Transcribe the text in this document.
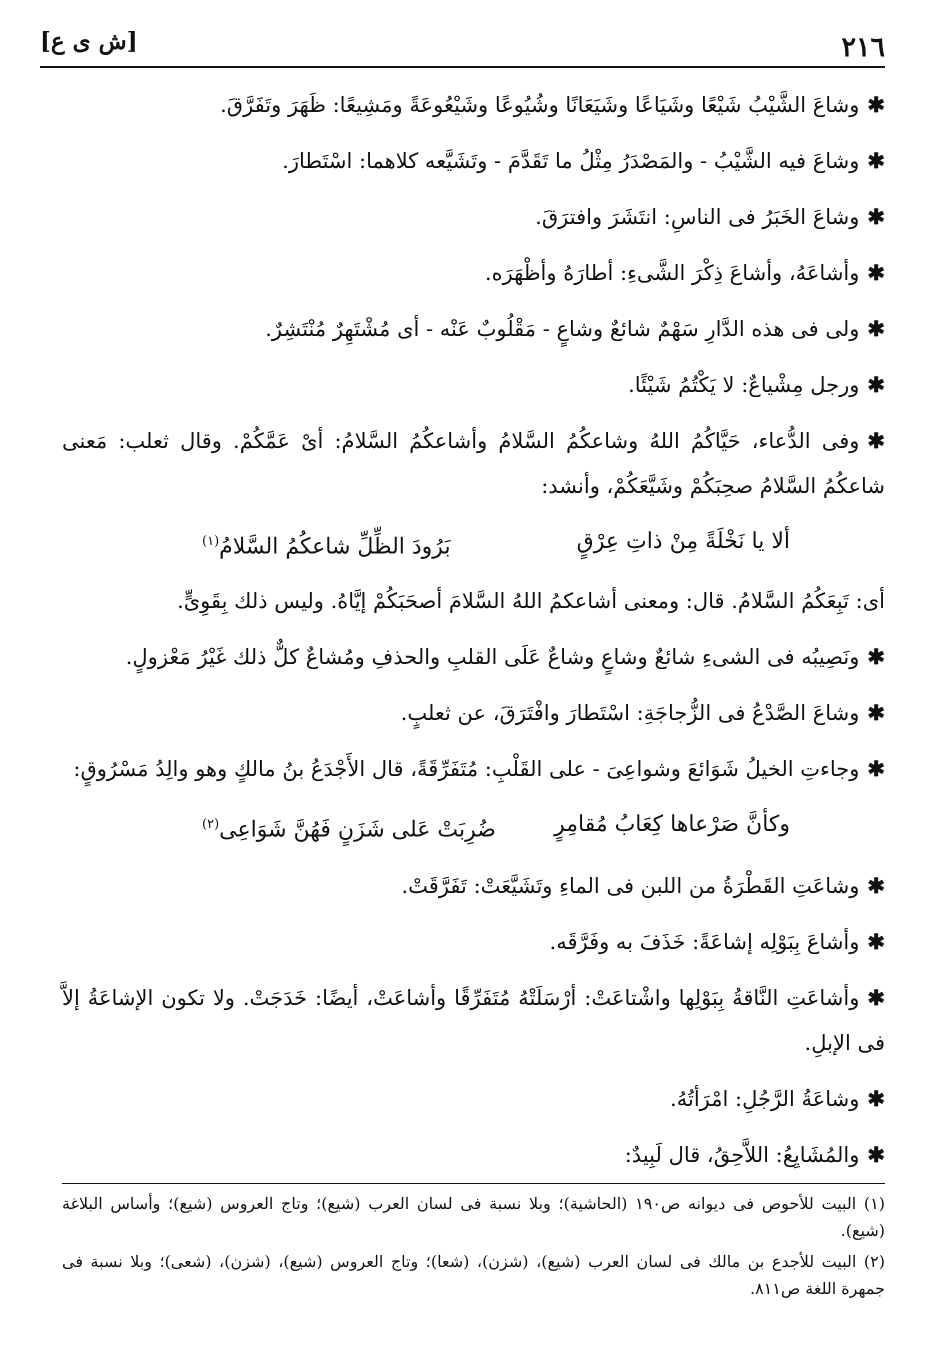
٢١٦
[ش ى ع]

✱وشاعَ الشَّيْبُ شَيْعًا وشَيَاعًا وشَيَعَانًا وشُيُوعًا وشَيْعُوعَةً ومَشِيعًا: ظَهَرَ وتَفَرَّقَ.

✱وشاعَ فيه الشَّيْبُ - والمَصْدَرُ مِثْلُ ما تَقَدَّمَ - وتَشَيَّعه كلاهما: اسْتَطارَ.

✱وشاعَ الخَبَرُ فى الناسِ: انتَشَرَ وافترَقَ.

✱وأشاعَهُ، وأشاعَ ذِكْرَ الشَّىءِ: أطارَهُ وأظْهَرَه.

✱ولى فى هذه الدَّارِ سَهْمٌ شائعٌ وشاعٍ - مَقْلُوبٌ عَنْه - أى مُشْتَهِرٌ مُنْتَشِرٌ.

✱ورجل مِشْياعٌ: لا يَكْتُمُ شَيْئًا.

✱وفى الدُّعاء، حَيَّاكُمُ اللهُ وشاعكُمُ السَّلامُ وأشاعكُمُ السَّلامُ: أىْ عَمَّكُمْ. وقال ثعلب: مَعنى شاعكُمُ السَّلامُ صحِبَكُمْ وشَيَّعَكُمْ، وأنشد:

ألا يا نَخْلَةً مِنْ ذاتِ عِرْقٍ
بَرُودَ الظِّلِّ شاعكُمُ السَّلامُ$^{(١)}$

أى: تَبِعَكُمُ السَّلامُ. قال: ومعنى أشاعكمُ اللهُ السَّلامَ أصحَبَكُمْ إيَّاهُ. وليس ذلك بِقَوِىٍّ.

✱ونَصِيبُه فى الشىءِ شائعٌ وشاعٍ وشاعٌ عَلَى القلبِ والحذفِ ومُشاعٌ كلٌّ ذلك غَيْرُ مَعْزولٍ.

✱وشاعَ الصَّدْعُ فى الزُّجاجَةِ: اسْتَطارَ وافْتَرَقَ، عن ثعلبٍ.

✱وجاءتِ الخيلُ شَوَائعَ وشواعِىَ - على القَلْبِ: مُتَفَرِّقَةً، قال الأَجْدَعُ بنُ مالكٍ وهو والِدُ مَسْرُوقٍ:

وكأنَّ صَرْعاها كِعَابُ مُقامِرٍ
ضُرِبَتْ عَلى شَزَنٍ فَهُنَّ شَوَاعِى$^{(٢)}$

✱وشاعَتِ القَطْرَةُ من اللبن فى الماءِ وتَشَيَّعَتْ: تَفَرَّقَتْ.

✱وأشاعَ بِبَوْلِه إشاعَةً: خَذَفَ به وفَرَّقَه.

✱وأشاعَتِ النَّاقةُ بِبَوْلِها واشْتاعَتْ: أرْسَلَتْهُ مُتَفَرِّقًا وأشاعَتْ، أيضًا: خَدَجَتْ. ولا تكون الإشاعَةُ إلاَّ فى الإبلِ.

✱وشاعَةُ الرَّجُلِ: امْرَأتُهُ.

✱والمُشَايِعُ: اللاَّحِقُ، قال لَبِيدٌ:

(١) البيت للأحوص فى ديوانه ص١٩٠ (الحاشية)؛ وبلا نسبة فى لسان العرب (شيع)؛ وتاج العروس (شيع)؛ وأساس البلاغة (شيع).

(٢) البيت للأجدع بن مالك فى لسان العرب (شيع)، (شزن)، (شعا)؛ وتاج العروس (شيع)، (شزن)، (شعى)؛ وبلا نسبة فى جمهرة اللغة ص٨١١.
